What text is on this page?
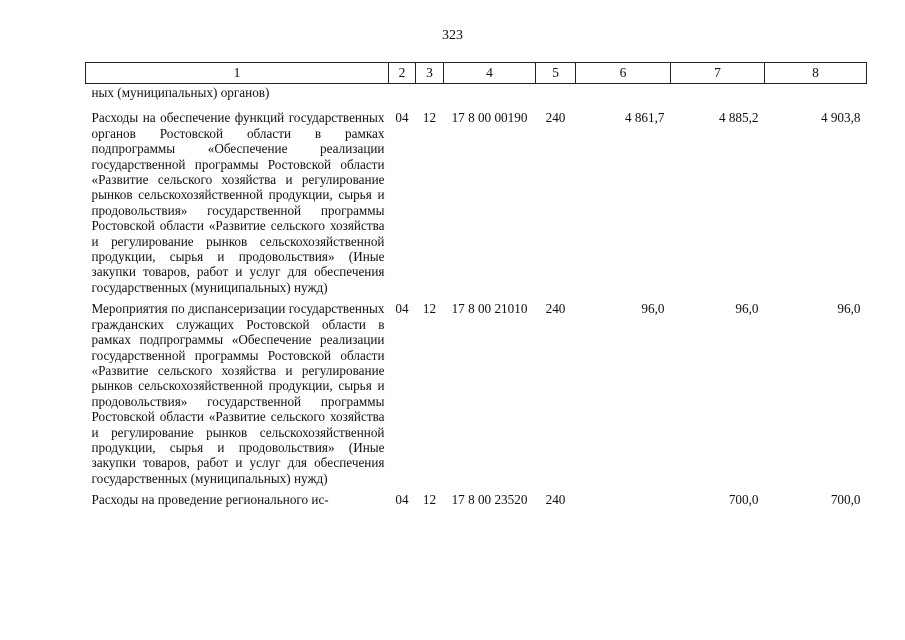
323
1	2	3	4	5	6	7	8
ных (муниципальных) органов)							
Расходы на обеспечение функций государственных органов Ростовской области в рамках подпрограммы «Обеспечение реализации государственной программы Ростовской области «Развитие сельского хозяйства и регулирование рынков сельскохозяйственной продукции, сырья и продовольствия» государственной программы Ростовской области «Развитие сельского хозяйства и регулирование рынков сельскохозяйственной продукции, сырья и продовольствия» (Иные закупки товаров, работ и услуг для обеспечения государственных (муниципальных) нужд)	04	12	17 8 00 00190	240	4 861,7	4 885,2	4 903,8
Мероприятия по диспансеризации государственных гражданских служащих Ростовской области в рамках подпрограммы «Обеспечение реализации государственной программы Ростовской области «Развитие сельского хозяйства и регулирование рынков сельскохозяйственной продукции, сырья и продовольствия» государственной программы Ростовской области «Развитие сельского хозяйства и регулирование рынков сельскохозяйственной продукции, сырья и продовольствия» (Иные закупки товаров, работ и услуг для обеспечения государственных (муниципальных) нужд)	04	12	17 8 00 21010	240	96,0	96,0	96,0
Расходы на проведение регионального ис-	04	12	17 8 00 23520	240		700,0	700,0
